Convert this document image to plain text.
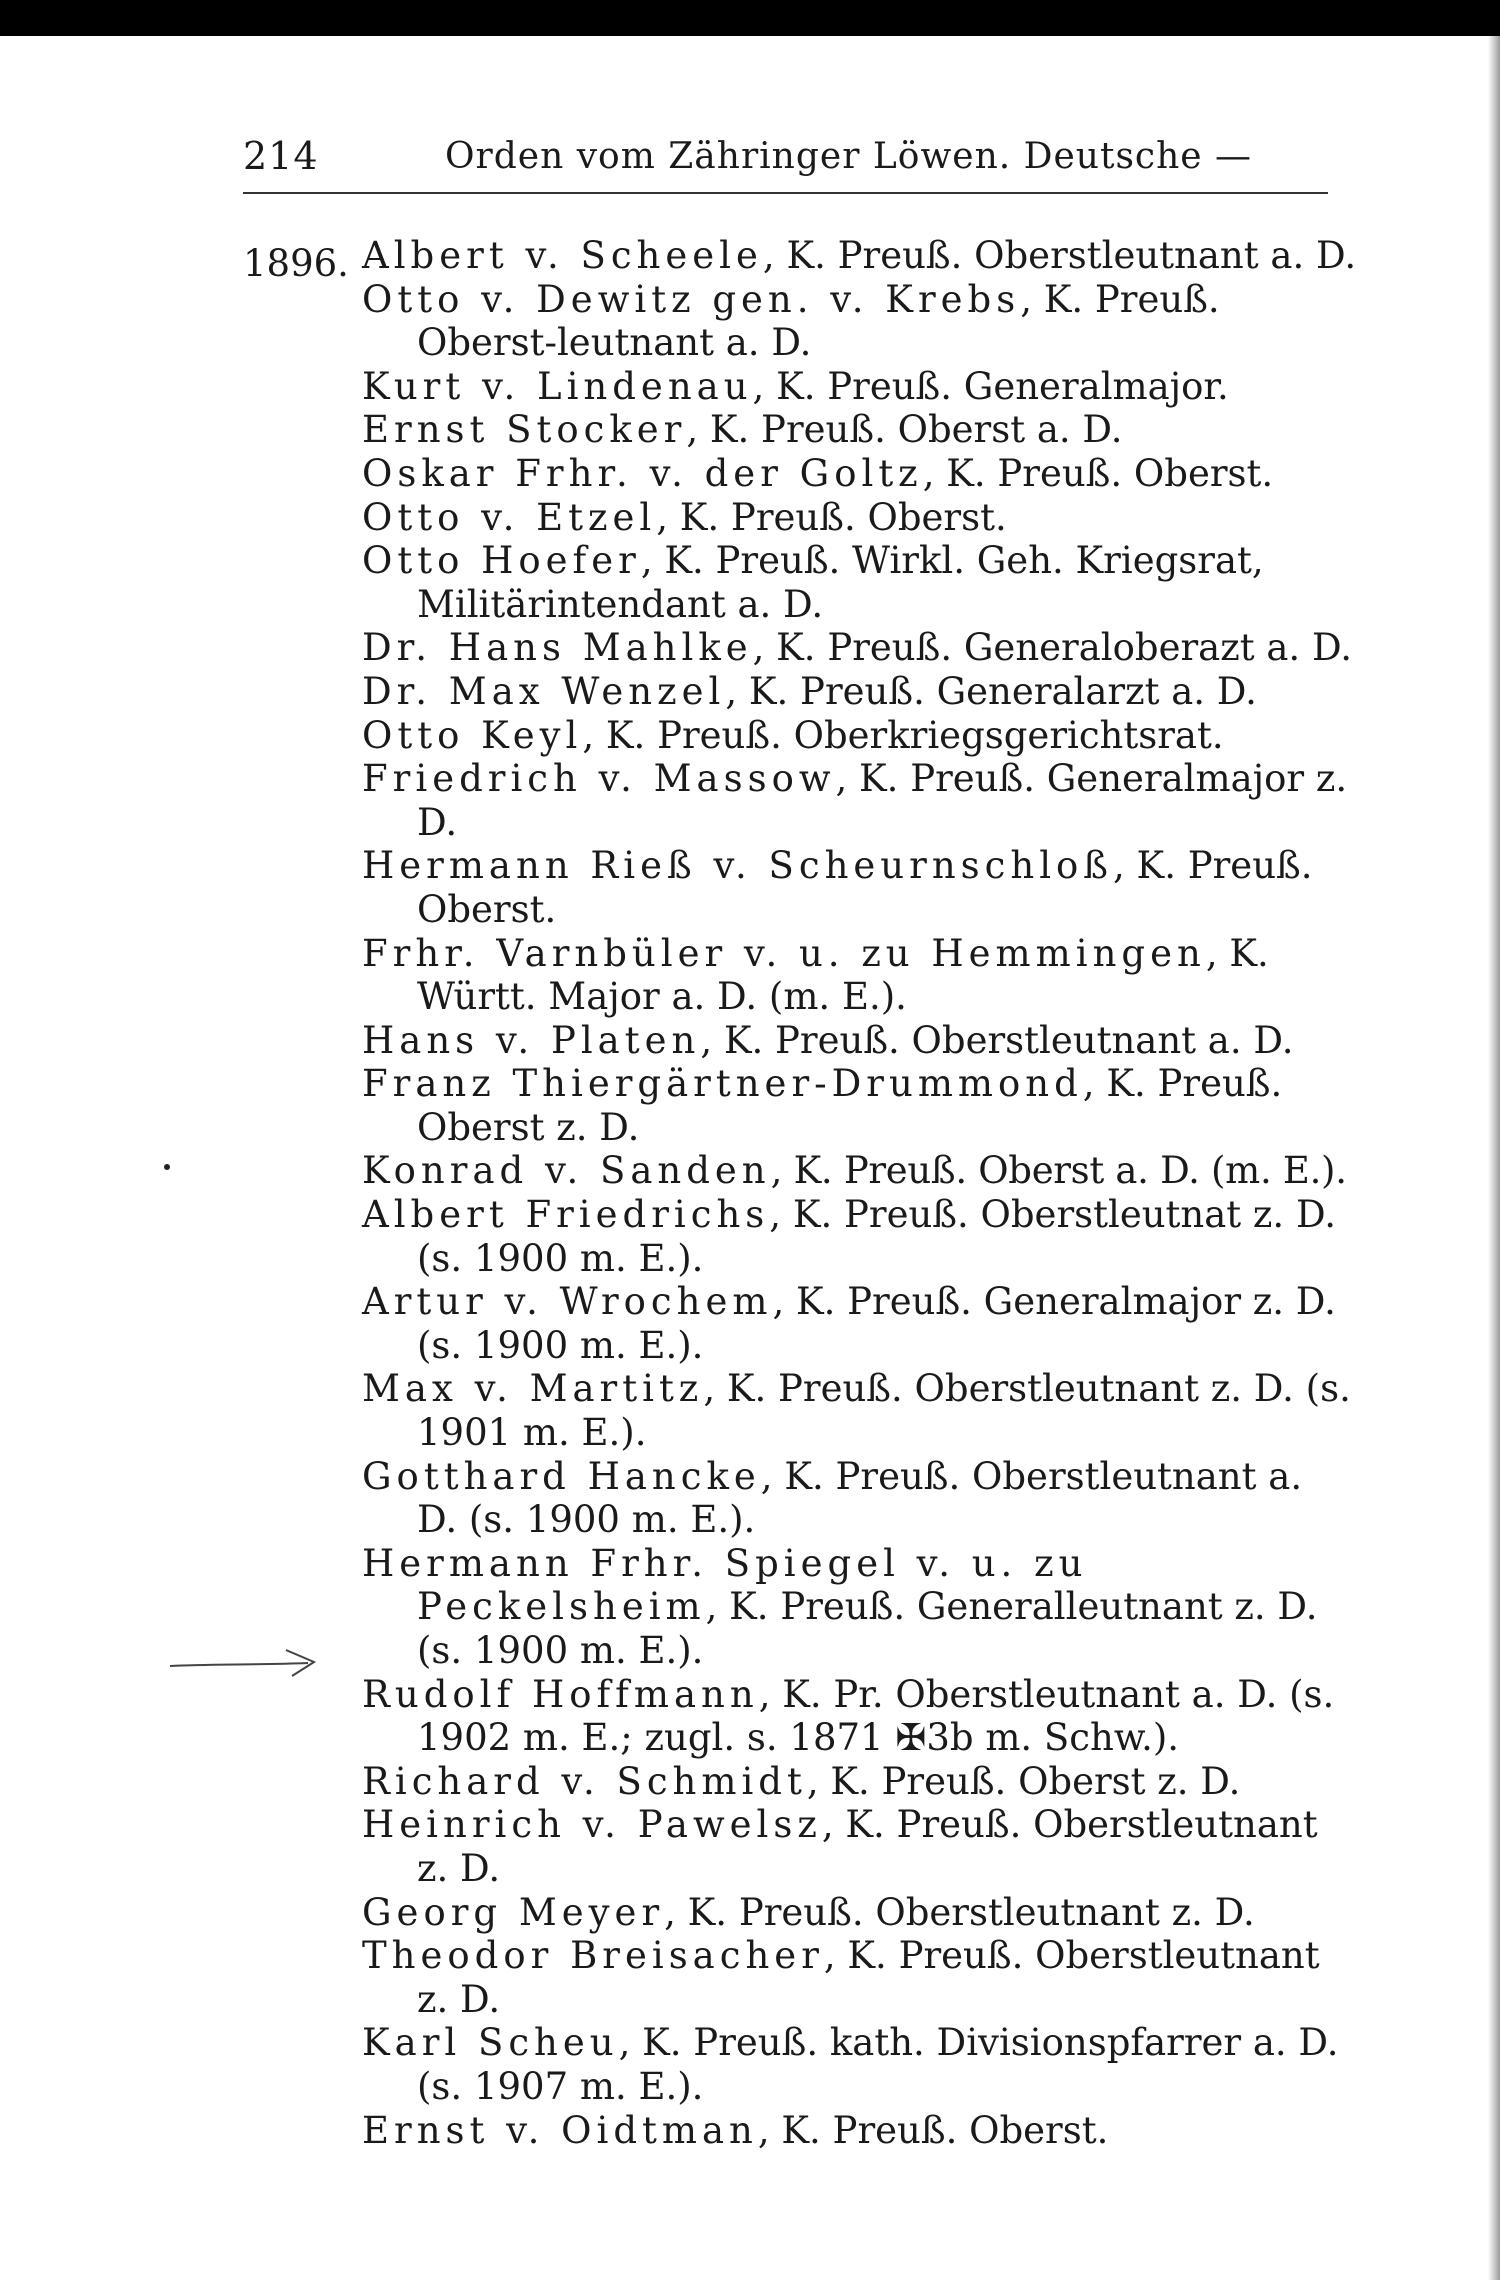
214	Orden vom Zähringer Löwen. Deutsche —
1896. Albert v. Scheele, K. Preuß. Oberstleutnant a. D.
Otto v. Dewitz gen. v. Krebs, K. Preuß. Oberst-leutnant a. D.
Kurt v. Lindenau, K. Preuß. Generalmajor.
Ernst Stocker, K. Preuß. Oberst a. D.
Oskar Frhr. v. der Goltz, K. Preuß. Oberst.
Otto v. Etzel, K. Preuß. Oberst.
Otto Hoefer, K. Preuß. Wirkl. Geh. Kriegsrat, Militärintendant a. D.
Dr. Hans Mahlke, K. Preuß. Generaloberazt a. D.
Dr. Max Wenzel, K. Preuß. Generalarzt a. D.
Otto Keyl, K. Preuß. Oberkriegsgerichtsrat.
Friedrich v. Massow, K. Preuß. Generalmajor z. D.
Hermann Rieß v. Scheurnschloß, K. Preuß. Oberst.
Frhr. Varnbüler v. u. zu Hemmingen, K. Württ. Major a. D. (m. E.).
Hans v. Platen, K. Preuß. Oberstleutnant a. D.
Franz Thiergärtner-Drummond, K. Preuß. Oberst z. D.
Konrad v. Sanden, K. Preuß. Oberst a. D. (m. E.).
Albert Friedrichs, K. Preuß. Oberstleutnat z. D. (s. 1900 m. E.).
Artur v. Wrochem, K. Preuß. Generalmajor z. D. (s. 1900 m. E.).
Max v. Martitz, K. Preuß. Oberstleutnant z. D. (s. 1901 m. E.).
Gotthard Hancke, K. Preuß. Oberstleutnant a. D. (s. 1900 m. E.).
Hermann Frhr. Spiegel v. u. zu Peckelsheim, K. Preuß. Generalleutnant z. D. (s. 1900 m. E.).
Rudolf Hoffmann, K. Pr. Oberstleutnant a. D. (s. 1902 m. E.; zugl. s. 1871 ✠3b m. Schw.).
Richard v. Schmidt, K. Preuß. Oberst z. D.
Heinrich v. Pawelsz, K. Preuß. Oberstleutnant z. D.
Georg Meyer, K. Preuß. Oberstleutnant z. D.
Theodor Breisacher, K. Preuß. Oberstleutnant z. D.
Karl Scheu, K. Preuß. kath. Divisionspfarrer a. D. (s. 1907 m. E.).
Ernst v. Oidtman, K. Preuß. Oberst.
